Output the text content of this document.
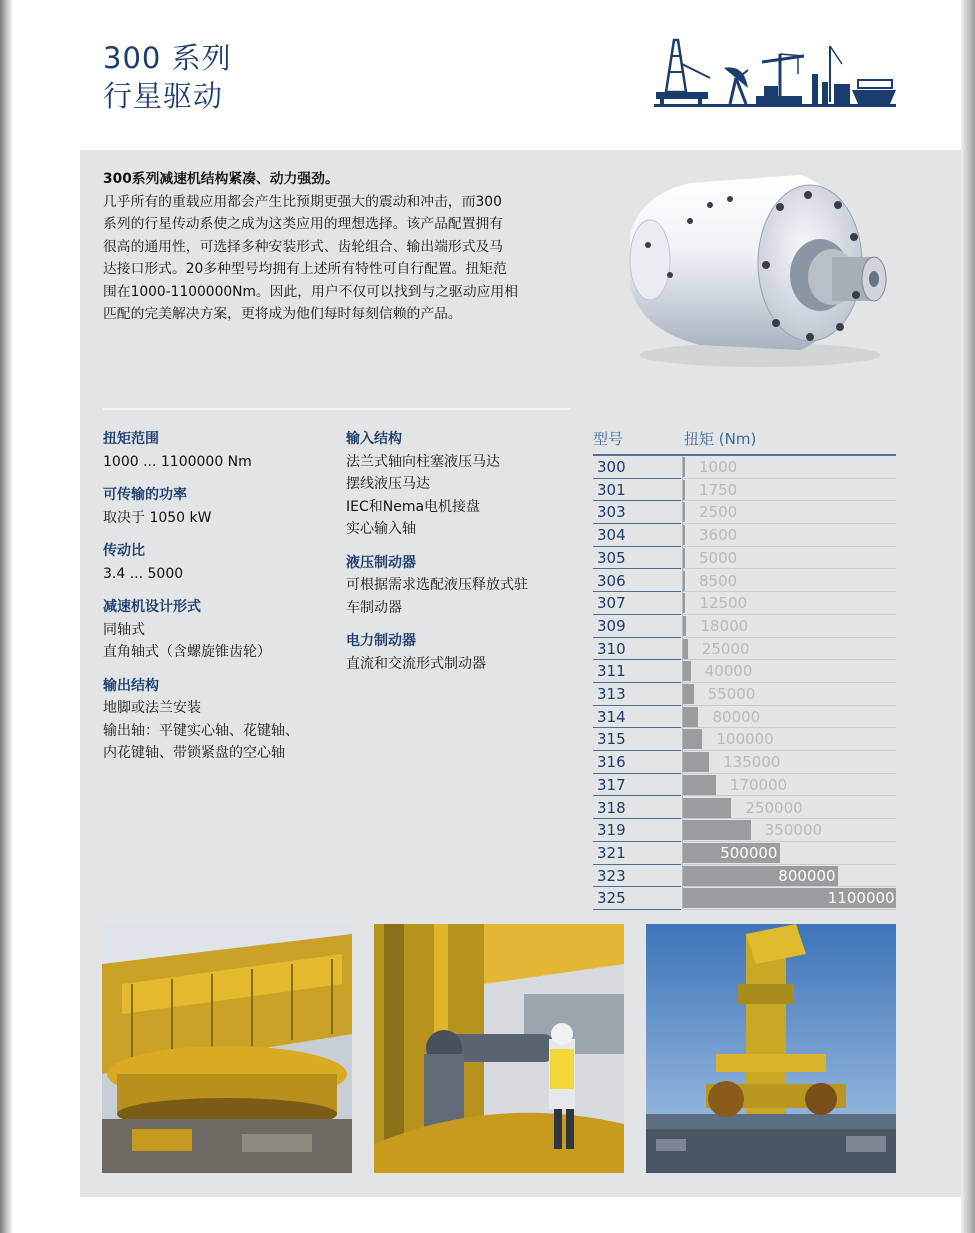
300 系列
行星驱动
300系列减速机结构紧凑、动力强劲。
几乎所有的重载应用都会产生比预期更强大的震动和冲击，而300
系列的行星传动系使之成为这类应用的理想选择。该产品配置拥有
很高的通用性，可选择多种安装形式、齿轮组合、输出端形式及马
达接口形式。20多种型号均拥有上述所有特性可自行配置。扭矩范
围在1000-1100000Nm。因此，用户不仅可以找到与之驱动应用相
匹配的完美解决方案，更将成为他们每时每刻信赖的产品。
扭矩范围
1000 ... 1100000 Nm
可传输的功率
取决于 1050 kW
传动比
3.4 ... 5000
减速机设计形式
同轴式
直角轴式（含螺旋锥齿轮）
输出结构
地脚或法兰安装
输出轴：平键实心轴、花键轴、
内花键轴、带锁紧盘的空心轴
输入结构
法兰式轴向柱塞液压马达
摆线液压马达
IEC和Nema电机接盘
实心输入轴
液压制动器
可根据需求选配液压释放式驻
车制动器
电力制动器
直流和交流形式制动器
型号	扭矩 (Nm)
300	1000
301	1750
303	2500
304	3600
305	5000
306	8500
307	12500
309	18000
310	25000
311	40000
313	55000
314	80000
315	100000
316	135000
317	170000
318	250000
319	350000
321	500000
323	800000
325	1100000
